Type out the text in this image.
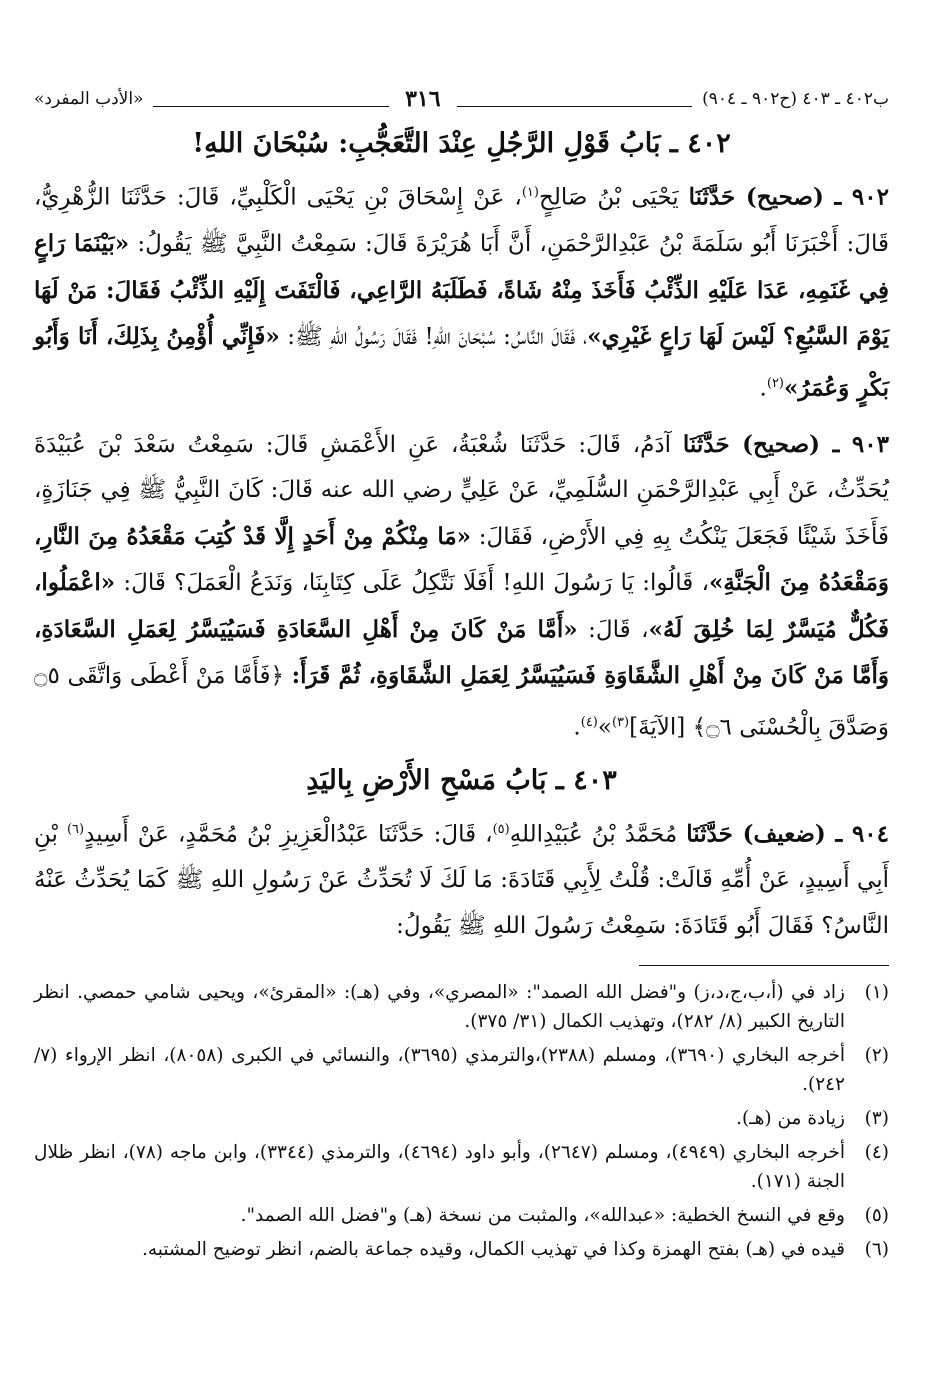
ب٤٠٢ ـ ٤٠٣ (ح٩٠٢ ـ ٩٠٤)
٣١٦
«الأدب المفرد»
٤٠٢ ـ بَابُ قَوْلِ الرَّجُلِ عِنْدَ التَّعَجُّبِ: سُبْحَانَ اللهِ!

٩٠٢ ـ (صحيح) حَدَّثَنَا يَحْيَى بْنُ صَالِحٍ$^{(١)}$، عَنْ إِسْحَاقَ بْنِ يَحْيَى الْكَلْبِيِّ، قَالَ: حَدَّثَنَا الزُّهْرِيُّ، قَالَ: أَخْبَرَنَا أَبُو سَلَمَةَ بْنُ عَبْدِالرَّحْمَنِ، أَنَّ أَبَا هُرَيْرَةَ قَالَ: سَمِعْتُ النَّبِيَّ ﷺ يَقُولُ: «بَيْنَمَا رَاعٍ فِي غَنَمِهِ، عَدَا عَلَيْهِ الذِّئْبُ فَأَخَذَ مِنْهُ شَاةً، فَطَلَبَهُ الرَّاعِي، فَالْتَفَتَ إِلَيْهِ الذِّئْبُ فَقَالَ: مَنْ لَهَا يَوْمَ السَّبُعِ؟ لَيْسَ لَهَا رَاعٍ غَيْرِي»، فَقَالَ النَّاسُ: سُبْحَانَ اللهِ! فَقَالَ رَسُولُ اللهِ ﷺ: «فَإِنِّي أُؤْمِنُ بِذَلِكَ، أَنَا وَأَبُو بَكْرٍ وَعُمَرُ»$^{(٢)}$.

٩٠٣ ـ (صحيح) حَدَّثَنَا آدَمُ، قَالَ: حَدَّثَنَا شُعْبَةُ، عَنِ الأَعْمَشِ قَالَ: سَمِعْتُ سَعْدَ بْنَ عُبَيْدَةَ يُحَدِّثُ، عَنْ أَبِي عَبْدِالرَّحْمَنِ السُّلَمِيِّ، عَنْ عَلِيٍّ رضي الله عنه قَالَ: كَانَ النَّبِيُّ ﷺ فِي جَنَازَةٍ، فَأَخَذَ شَيْئًا فَجَعَلَ يَنْكُتُ بِهِ فِي الأَرْضِ، فَقَالَ: «مَا مِنْكُمْ مِنْ أَحَدٍ إِلَّا قَدْ كُتِبَ مَقْعَدُهُ مِنَ النَّارِ، وَمَقْعَدُهُ مِنَ الْجَنَّةِ»، قَالُوا: يَا رَسُولَ اللهِ! أَفَلَا نَتَّكِلُ عَلَى كِتَابِنَا، وَنَدَعُ الْعَمَلَ؟ قَالَ: «اعْمَلُوا، فَكُلٌّ مُيَسَّرٌ لِمَا خُلِقَ لَهُ»، قَالَ: «أَمَّا مَنْ كَانَ مِنْ أَهْلِ السَّعَادَةِ فَسَيُيَسَّرُ لِعَمَلِ السَّعَادَةِ، وَأَمَّا مَنْ كَانَ مِنْ أَهْلِ الشَّقَاوَةِ فَسَيُيَسَّرُ لِعَمَلِ الشَّقَاوَةِ، ثُمَّ قَرَأَ: ﴿فَأَمَّا مَنْ أَعْطَى وَاتَّقَى ۝٥ وَصَدَّقَ بِالْحُسْنَى ۝٦﴾ [الآيَةَ]$^{(٣)}$»$^{(٤)}$.

٤٠٣ ـ بَابُ مَسْحِ الأَرْضِ بِاليَدِ

٩٠٤ ـ (ضعيف) حَدَّثَنَا مُحَمَّدُ بْنُ عُبَيْدِاللهِ$^{(٥)}$، قَالَ: حَدَّثَنَا عَبْدُالْعَزِيزِ بْنُ مُحَمَّدٍ، عَنْ أَسِيدٍ$^{(٦)}$ بْنِ أَبِي أَسِيدٍ، عَنْ أُمِّهِ قَالَتْ: قُلْتُ لِأَبِي قَتَادَةَ: مَا لَكَ لَا تُحَدِّثُ عَنْ رَسُولِ اللهِ ﷺ كَمَا يُحَدِّثُ عَنْهُ النَّاسُ؟ فَقَالَ أَبُو قَتَادَةَ: سَمِعْتُ رَسُولَ اللهِ ﷺ يَقُولُ:

(١)
زاد في (أ،ب،ج،د،ز) و"فضل الله الصمد": «المصري»، وفي (هـ): «المقرئ»، ويحيى شامي حمصي. انظر التاريخ الكبير (٨/ ٢٨٢)، وتهذيب الكمال (٣١/ ٣٧٥).
(٢)
أخرجه البخاري (٣٦٩٠)، ومسلم (٢٣٨٨)،والترمذي (٣٦٩٥)، والنسائي في الكبرى (٨٠٥٨)، انظر الإرواء (٧/ ٢٤٢).
(٣)
زيادة من (هـ).
(٤)
أخرجه البخاري (٤٩٤٩)، ومسلم (٢٦٤٧)، وأبو داود (٤٦٩٤)، والترمذي (٣٣٤٤)، وابن ماجه (٧٨)، انظر ظلال الجنة (١٧١).
(٥)
وقع في النسخ الخطية: «عبدالله»، والمثبت من نسخة (هـ) و"فضل الله الصمد".
(٦)
قيده في (هـ) بفتح الهمزة وكذا في تهذيب الكمال، وقيده جماعة بالضم، انظر توضيح المشتبه.
